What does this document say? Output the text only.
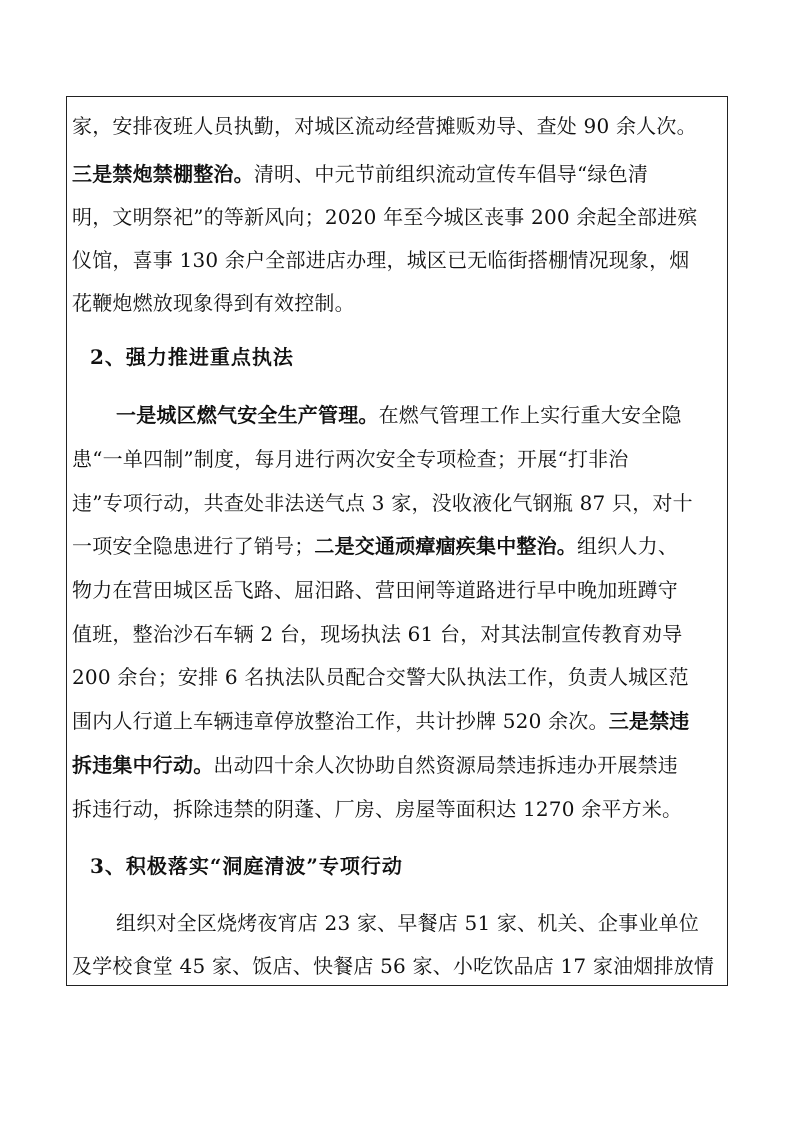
家，安排夜班人员执勤，对城区流动经营摊贩劝导、查处 90 余人次。
三是禁炮禁棚整治。清明、中元节前组织流动宣传车倡导“绿色清
明，文明祭祀”的等新风向；2020 年至今城区丧事 200 余起全部进殡
仪馆，喜事 130 余户全部进店办理，城区已无临街搭棚情况现象，烟
花鞭炮燃放现象得到有效控制。
2、强力推进重点执法
一是城区燃气安全生产管理。在燃气管理工作上实行重大安全隐
患“一单四制”制度，每月进行两次安全专项检查；开展“打非治
违”专项行动，共查处非法送气点 3 家，没收液化气钢瓶 87 只，对十
一项安全隐患进行了销号；二是交通顽瘴痼疾集中整治。组织人力、
物力在营田城区岳飞路、屈汨路、营田闸等道路进行早中晚加班蹲守
值班，整治沙石车辆 2 台，现场执法 61 台，对其法制宣传教育劝导
200 余台；安排 6 名执法队员配合交警大队执法工作，负责人城区范
围内人行道上车辆违章停放整治工作，共计抄牌 520 余次。三是禁违
拆违集中行动。出动四十余人次协助自然资源局禁违拆违办开展禁违
拆违行动，拆除违禁的阴蓬、厂房、房屋等面积达 1270 余平方米。
3、积极落实“洞庭清波”专项行动
组织对全区烧烤夜宵店 23 家、早餐店 51 家、机关、企事业单位
及学校食堂 45 家、饭店、快餐店 56 家、小吃饮品店 17 家油烟排放情
